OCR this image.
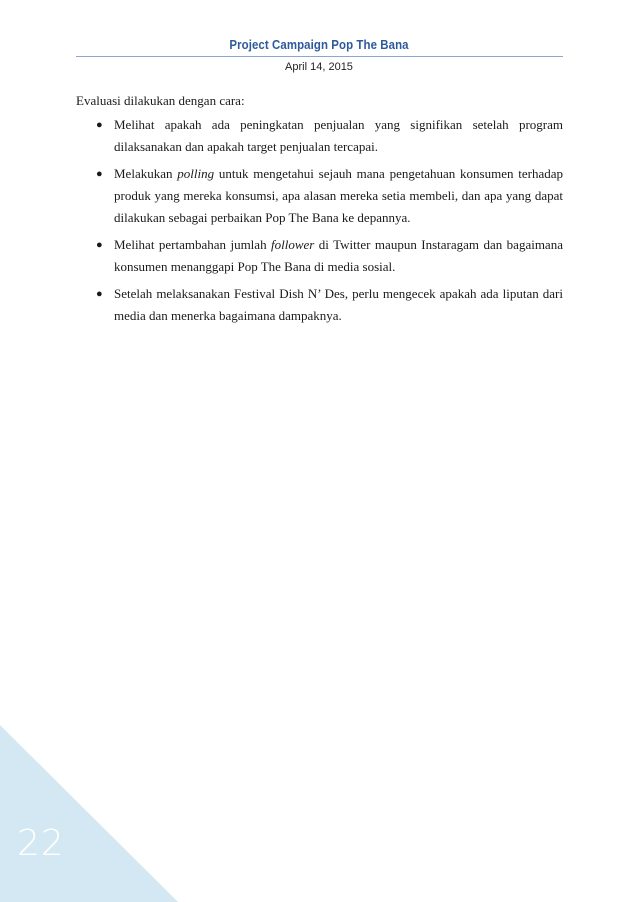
Project Campaign Pop The Bana
April 14, 2015

Evaluasi dilakukan dengan cara:

● Melihat apakah ada peningkatan penjualan yang signifikan setelah program dilaksanakan dan apakah target penjualan tercapai.
● Melakukan polling untuk mengetahui sejauh mana pengetahuan konsumen terhadap produk yang mereka konsumsi, apa alasan mereka setia membeli, dan apa yang dapat dilakukan sebagai perbaikan Pop The Bana ke depannya.
● Melihat pertambahan jumlah follower di Twitter maupun Instaragam dan bagaimana konsumen menanggapi Pop The Bana di media sosial.
● Setelah melaksanakan Festival Dish N’ Des, perlu mengecek apakah ada liputan dari media dan menerka bagaimana dampaknya.
22
